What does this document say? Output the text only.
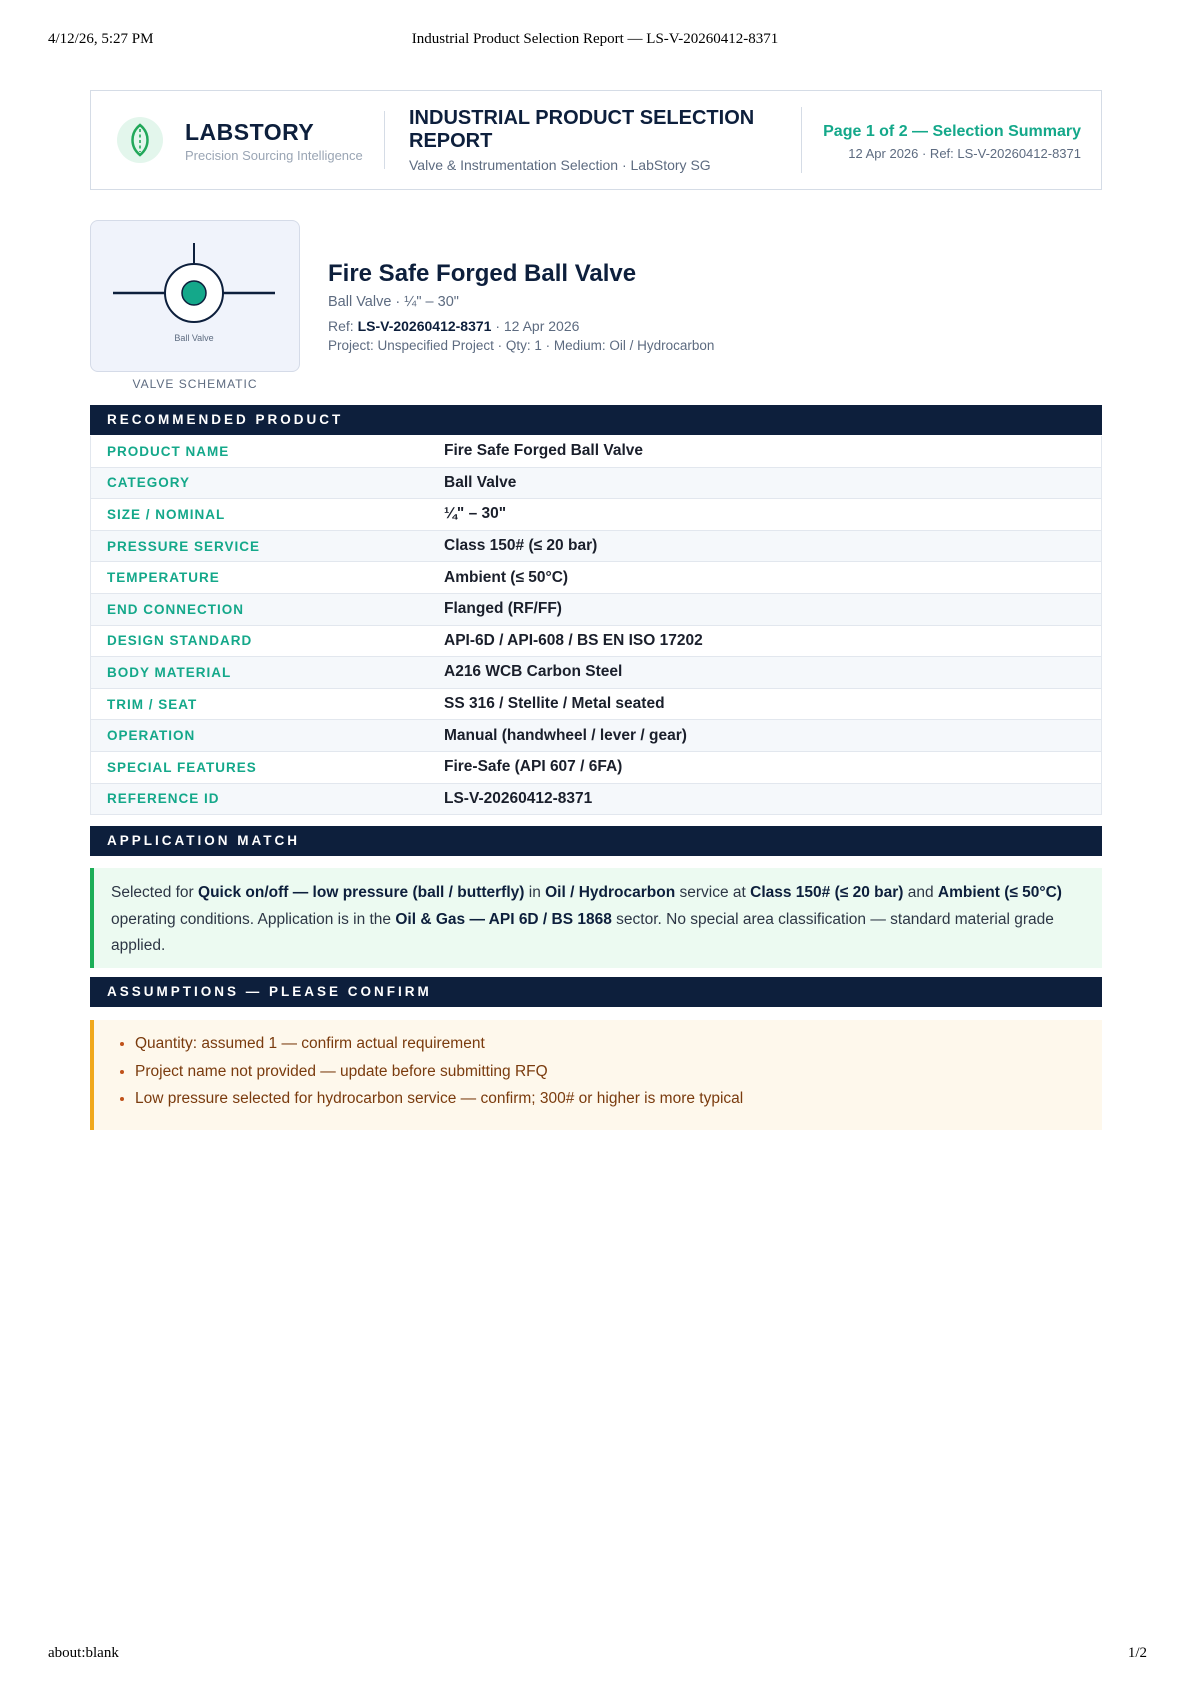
4/12/26, 5:27 PM	Industrial Product Selection Report — LS-V-20260412-8371
LABSTORY
Precision Sourcing Intelligence
INDUSTRIAL PRODUCT SELECTION REPORT
Valve & Instrumentation Selection · LabStory SG
Page 1 of 2 — Selection Summary
12 Apr 2026 · Ref: LS-V-20260412-8371
Ball Valve
VALVE SCHEMATIC
Fire Safe Forged Ball Valve
Ball Valve · ¼" – 30"
Ref: LS-V-20260412-8371 · 12 Apr 2026
Project: Unspecified Project · Qty: 1 · Medium: Oil / Hydrocarbon
RECOMMENDED PRODUCT
PRODUCT NAME	Fire Safe Forged Ball Valve
CATEGORY	Ball Valve
SIZE / NOMINAL	¼" – 30"
PRESSURE SERVICE	Class 150# (≤ 20 bar)
TEMPERATURE	Ambient (≤ 50°C)
END CONNECTION	Flanged (RF/FF)
DESIGN STANDARD	API-6D / API-608 / BS EN ISO 17202
BODY MATERIAL	A216 WCB Carbon Steel
TRIM / SEAT	SS 316 / Stellite / Metal seated
OPERATION	Manual (handwheel / lever / gear)
SPECIAL FEATURES	Fire-Safe (API 607 / 6FA)
REFERENCE ID	LS-V-20260412-8371
APPLICATION MATCH
Selected for Quick on/off — low pressure (ball / butterfly) in Oil / Hydrocarbon service at Class 150# (≤ 20 bar) and Ambient (≤ 50°C) operating conditions. Application is in the Oil & Gas — API 6D / BS 1868 sector. No special area classification — standard material grade applied.
ASSUMPTIONS — PLEASE CONFIRM
• Quantity: assumed 1 — confirm actual requirement
• Project name not provided — update before submitting RFQ
• Low pressure selected for hydrocarbon service — confirm; 300# or higher is more typical
about:blank	1/2
